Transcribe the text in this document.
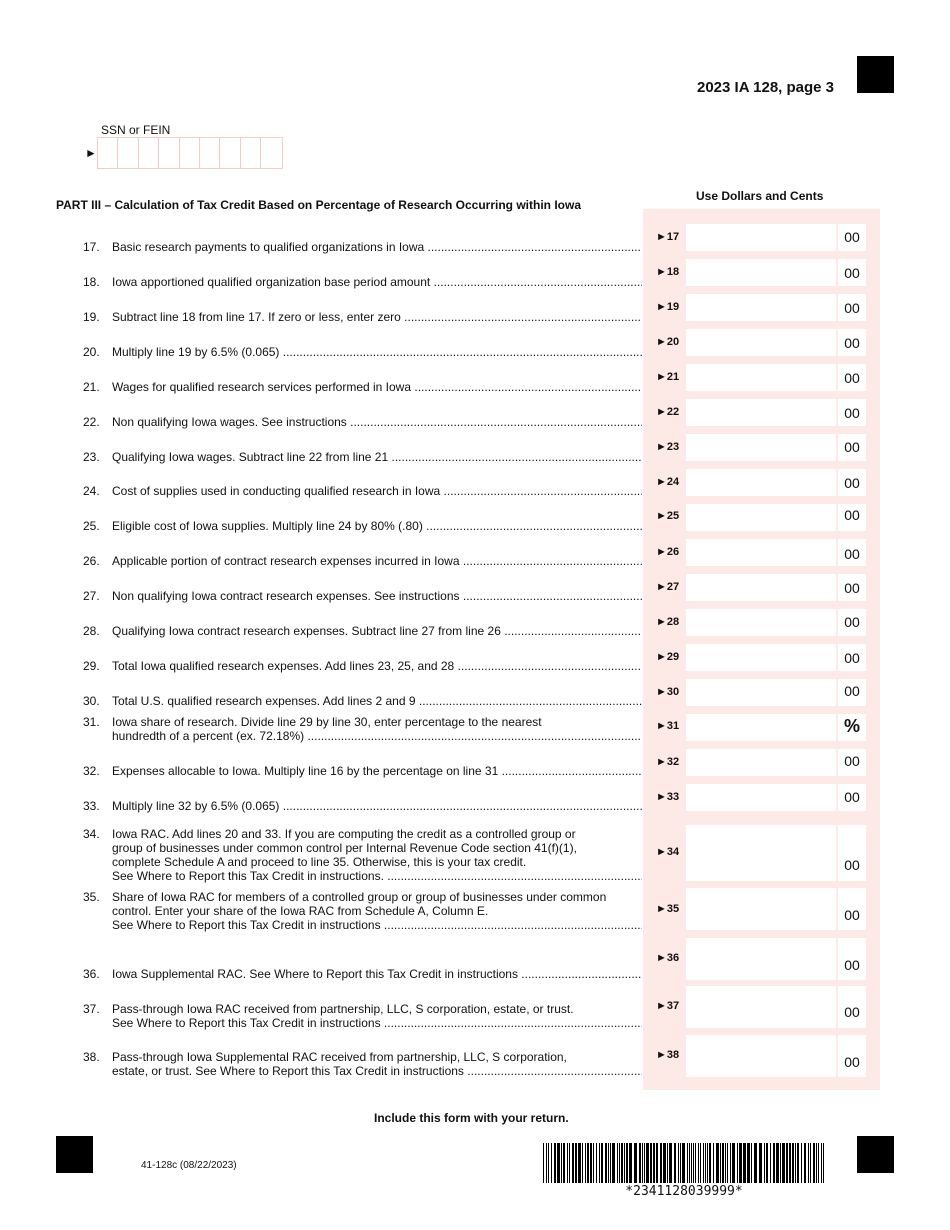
2023 IA 128, page 3
SSN or FEIN
►
Use Dollars and Cents
PART III – Calculation of Tax Credit Based on Percentage of Research Occurring within Iowa
17. Basic research payments to qualified organizations in Iowa .....
►17	00
18. Iowa apportioned qualified organization base period amount .....
►18	00
19. Subtract line 18 from line 17. If zero or less, enter zero .....
►19	00
20. Multiply line 19 by 6.5% (0.065) .....
►20	00
21. Wages for qualified research services performed in Iowa .....
►21	00
22. Non qualifying Iowa wages. See instructions .....
►22	00
23. Qualifying Iowa wages. Subtract line 22 from line 21 .....
►23	00
24. Cost of supplies used in conducting qualified research in Iowa .....
►24	00
25. Eligible cost of Iowa supplies. Multiply line 24 by 80% (.80) .....
►25	00
26. Applicable portion of contract research expenses incurred in Iowa .....
►26	00
27. Non qualifying Iowa contract research expenses. See instructions .....
►27	00
28. Qualifying Iowa contract research expenses. Subtract line 27 from line 26 .....
►28	00
29. Total Iowa qualified research expenses. Add lines 23, 25, and 28 .....
►29	00
30. Total U.S. qualified research expenses. Add lines 2 and 9 .....
►30	00
31. Iowa share of research. Divide line 29 by line 30, enter percentage to the nearest
hundredth of a percent (ex. 72.18%) .....
►31	%
32. Expenses allocable to Iowa. Multiply line 16 by the percentage on line 31 .....
►32	00
33. Multiply line 32 by 6.5% (0.065) .....
►33	00
34. Iowa RAC. Add lines 20 and 33. If you are computing the credit as a controlled group or
group of businesses under common control per Internal Revenue Code section 41(f)(1),
complete Schedule A and proceed to line 35. Otherwise, this is your tax credit.
See Where to Report this Tax Credit in instructions. .....
►34
00
35. Share of Iowa RAC for members of a controlled group or group of businesses under common
control. Enter your share of the Iowa RAC from Schedule A, Column E.
See Where to Report this Tax Credit in instructions .....
►35	00
36. Iowa Supplemental RAC. See Where to Report this Tax Credit in instructions .....
►36	00
37. Pass-through Iowa RAC received from partnership, LLC, S corporation, estate, or trust.
See Where to Report this Tax Credit in instructions .....
►37	00
38. Pass-through Iowa Supplemental RAC received from partnership, LLC, S corporation,
estate, or trust. See Where to Report this Tax Credit in instructions .....
►38	00
Include this form with your return.
41-128c (08/22/2023)
*2341128039999*
